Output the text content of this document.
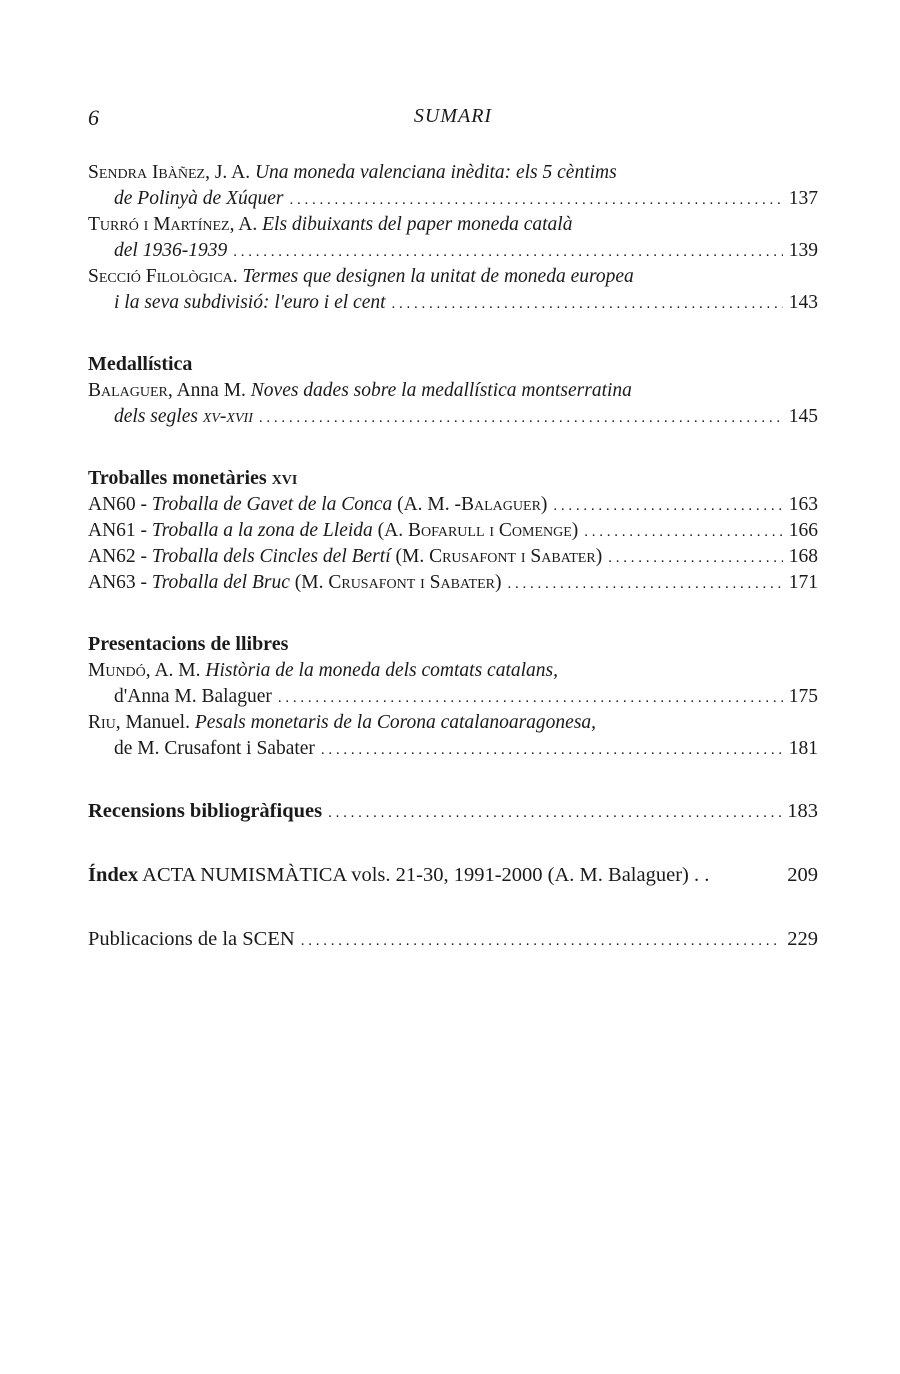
6	SUMARI
Sendra Ibàñez, J. A. Una moneda valenciana inèdita: els 5 cèntims
de Polinyà de Xúquer . . .	137
Turró i Martínez, A. Els dibuixants del paper moneda català
del 1936-1939 . . .	139
Secció Filològica. Termes que designen la unitat de moneda europea
i la seva subdivisió: l'euro i el cent . . .	143
Medallística
Balaguer, Anna M. Noves dades sobre la medallística montserratina
dels segles xv-xvii . . .	145
Troballes monetàries xvi
AN60 - Troballa de Gavet de la Conca (A. M. -Balaguer) . . .	163
AN61 - Troballa a la zona de Lleida (A. Bofarull i Comenge) . . .	166
AN62 - Troballa dels Cincles del Bertí (M. Crusafont i Sabater) . . .	168
AN63 - Troballa del Bruc (M. Crusafont i Sabater) . . .	171
Presentacions de llibres
Mundó, A. M. Història de la moneda dels comtats catalans,
d'Anna M. Balaguer . . .	175
Riu, Manuel. Pesals monetaris de la Corona catalanoaragonesa,
de M. Crusafont i Sabater . . .	181
Recensions bibliogràfiques . . .	183
Índex ACTA NUMISMÀTICA vols. 21-30, 1991-2000 (A. M. Balaguer) . .	209
Publicacions de la SCEN . . .	229
